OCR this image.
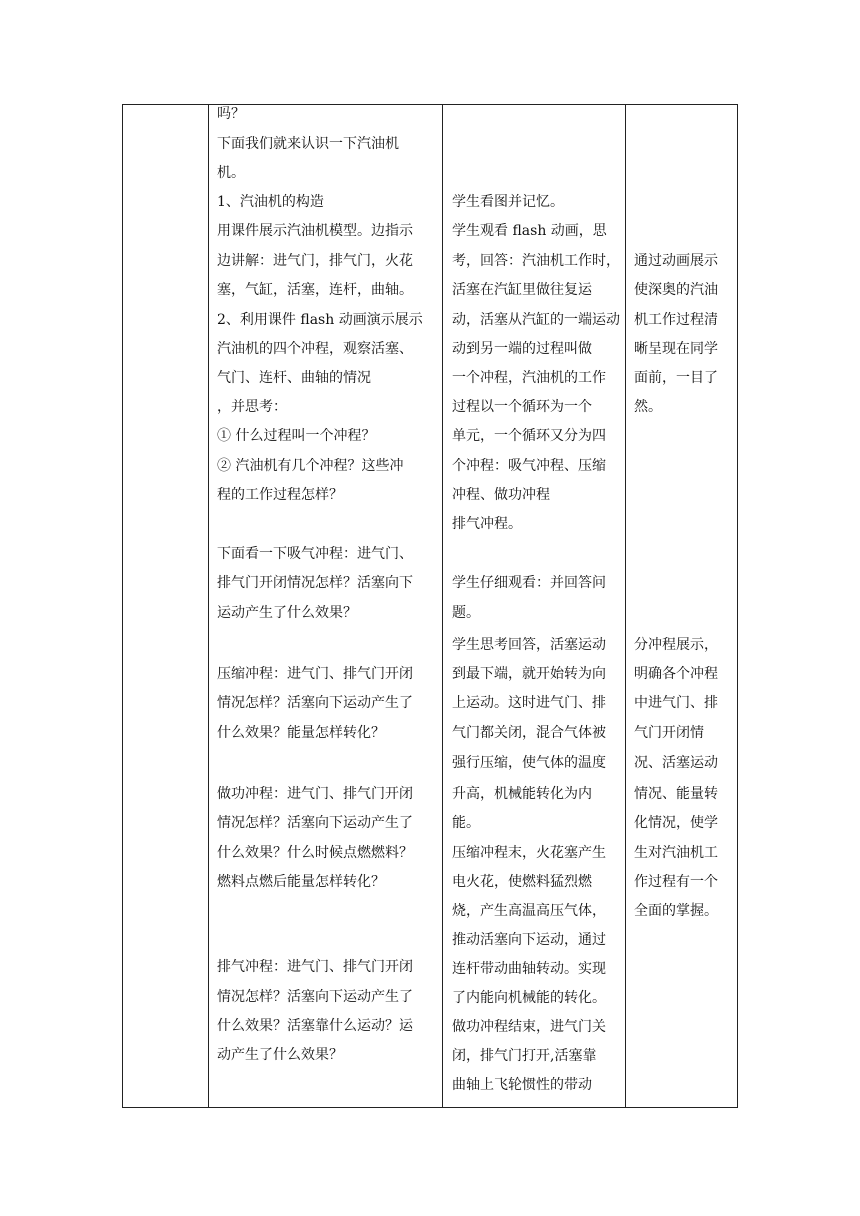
吗？
下面我们就来认识一下汽油机
机。
1、汽油机的构造
用课件展示汽油机模型。边指示
边讲解：进气门，排气门，火花
塞，气缸，活塞，连杆，曲轴。
2、利用课件 flash 动画演示展示
汽油机的四个冲程，观察活塞、
气门、连杆、曲轴的情况
，并思考：
① 什么过程叫一个冲程？
② 汽油机有几个冲程？这些冲
程的工作过程怎样？
下面看一下吸气冲程：进气门、
排气门开闭情况怎样？活塞向下
运动产生了什么效果？
压缩冲程：进气门、排气门开闭
情况怎样？活塞向下运动产生了
什么效果？能量怎样转化？
做功冲程：进气门、排气门开闭
情况怎样？活塞向下运动产生了
什么效果？什么时候点燃燃料？
燃料点燃后能量怎样转化？
排气冲程：进气门、排气门开闭
情况怎样？活塞向下运动产生了
什么效果？活塞靠什么运动？运
动产生了什么效果？
学生看图并记忆。
学生观看 flash 动画，思
考，回答：汽油机工作时，
活塞在汽缸里做往复运
动，活塞从汽缸的一端运动
动到另一端的过程叫做
一个冲程，汽油机的工作
过程以一个循环为一个
单元，一个循环又分为四
个冲程：吸气冲程、压缩
冲程、做功冲程
排气冲程。
学生仔细观看：并回答问
题。
学生思考回答，活塞运动
到最下端，就开始转为向
上运动。这时进气门、排
气门都关闭，混合气体被
强行压缩，使气体的温度
升高，机械能转化为内
能。
压缩冲程末，火花塞产生
电火花，使燃料猛烈燃
烧，产生高温高压气体，
推动活塞向下运动，通过
连杆带动曲轴转动。实现
了内能向机械能的转化。
做功冲程结束，进气门关
闭，排气门打开,活塞靠
曲轴上飞轮惯性的带动
通过动画展示
使深奥的汽油
机工作过程清
晰呈现在同学
面前，一目了
然。
分冲程展示，
明确各个冲程
中进气门、排
气门开闭情
况、活塞运动
情况、能量转
化情况，使学
生对汽油机工
作过程有一个
全面的掌握。
